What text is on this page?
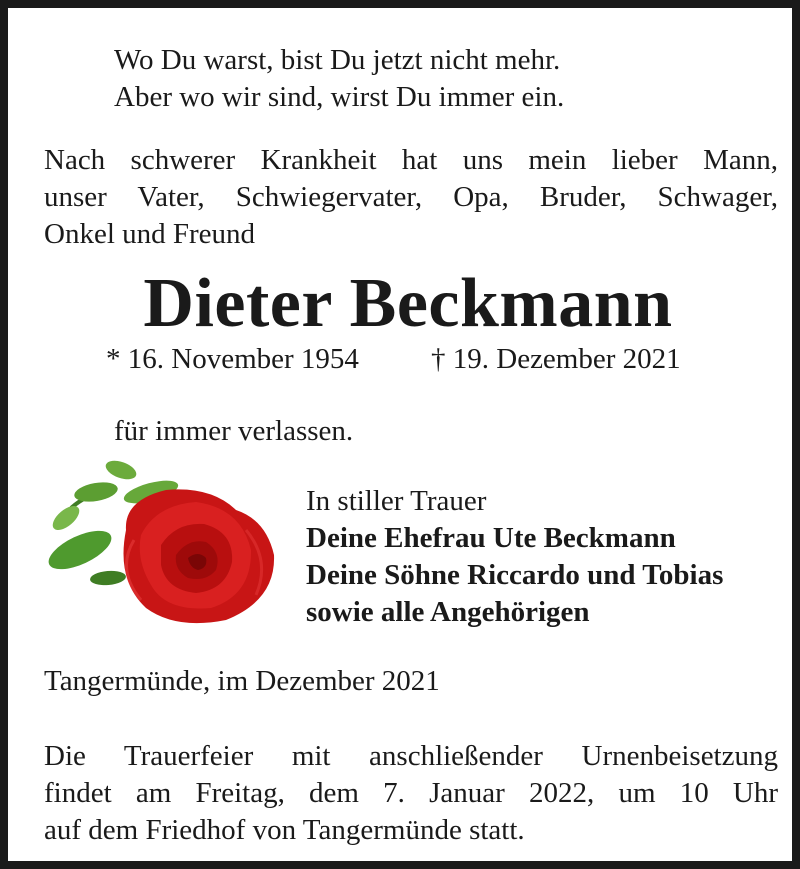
Wo Du warst, bist Du jetzt nicht mehr.
Aber wo wir sind, wirst Du immer ein.
Nach schwerer Krankheit hat uns mein lieber Mann,
unser Vater, Schwiegervater, Opa, Bruder, Schwager,
Onkel und Freund
Dieter Beckmann
* 16. November 1954 † 19. Dezember 2021
für immer verlassen.
In stiller Trauer
Deine Ehefrau Ute Beckmann
Deine Söhne Riccardo und Tobias
sowie alle Angehörigen
Tangermünde, im Dezember 2021
Die Trauerfeier mit anschließender Urnenbeisetzung
findet am Freitag, dem 7. Januar 2022, um 10 Uhr
auf dem Friedhof von Tangermünde statt.
